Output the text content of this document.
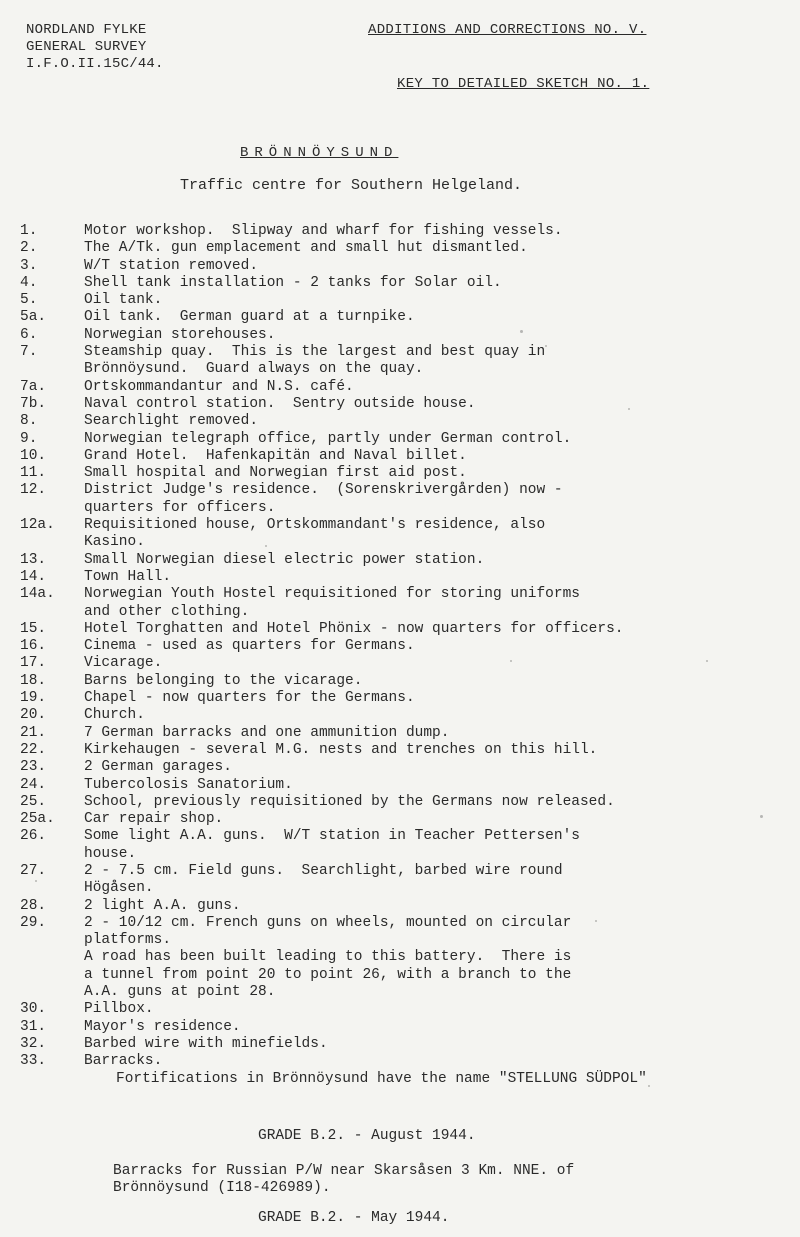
NORDLAND FYLKE
GENERAL SURVEY
I.F.O.II.15C/44.
ADDITIONS AND CORRECTIONS NO. V.
KEY TO DETAILED SKETCH NO. 1.
BRÖNNÖYSUND
Traffic centre for Southern Helgeland.
1.	Motor workshop.  Slipway and wharf for fishing vessels.
2.	The A/Tk. gun emplacement and small hut dismantled.
3.	W/T station removed.
4.	Shell tank installation - 2 tanks for Solar oil.
5.	Oil tank.
5a.	Oil tank.  German guard at a turnpike.
6.	Norwegian storehouses.
7.	Steamship quay.  This is the largest and best quay in
Brönnöysund.  Guard always on the quay.
7a.	Ortskommandantur and N.S. café.
7b.	Naval control station.  Sentry outside house.
8.	Searchlight removed.
9.	Norwegian telegraph office, partly under German control.
10.	Grand Hotel.  Hafenkapitän and Naval billet.
11.	Small hospital and Norwegian first aid post.
12.	District Judge's residence.  (Sorenskrivergården) now -
quarters for officers.
12a.	Requisitioned house, Ortskommandant's residence, also
Kasino.
13.	Small Norwegian diesel electric power station.
14.	Town Hall.
14a.	Norwegian Youth Hostel requisitioned for storing uniforms
and other clothing.
15.	Hotel Torghatten and Hotel Phönix - now quarters for officers.
16.	Cinema - used as quarters for Germans.
17.	Vicarage.
18.	Barns belonging to the vicarage.
19.	Chapel - now quarters for the Germans.
20.	Church.
21.	7 German barracks and one ammunition dump.
22.	Kirkehaugen - several M.G. nests and trenches on this hill.
23.	2 German garages.
24.	Tubercolosis Sanatorium.
25.	School, previously requisitioned by the Germans now released.
25a.	Car repair shop.
26.	Some light A.A. guns.  W/T station in Teacher Pettersen's
house.
27.	2 - 7.5 cm. Field guns.  Searchlight, barbed wire round
Högåsen.
28.	2 light A.A. guns.
29.	2 - 10/12 cm. French guns on wheels, mounted on circular
platforms.
A road has been built leading to this battery.  There is
a tunnel from point 20 to point 26, with a branch to the
A.A. guns at point 28.
30.	Pillbox.
31.	Mayor's residence.
32.	Barbed wire with minefields.
33.	Barracks.
Fortifications in Brönnöysund have the name "STELLUNG SÜDPOL"
GRADE B.2. - August 1944.
Barracks for Russian P/W near Skarsåsen 3 Km. NNE. of
Brönnöysund (I18-426989).
GRADE B.2. - May 1944.
